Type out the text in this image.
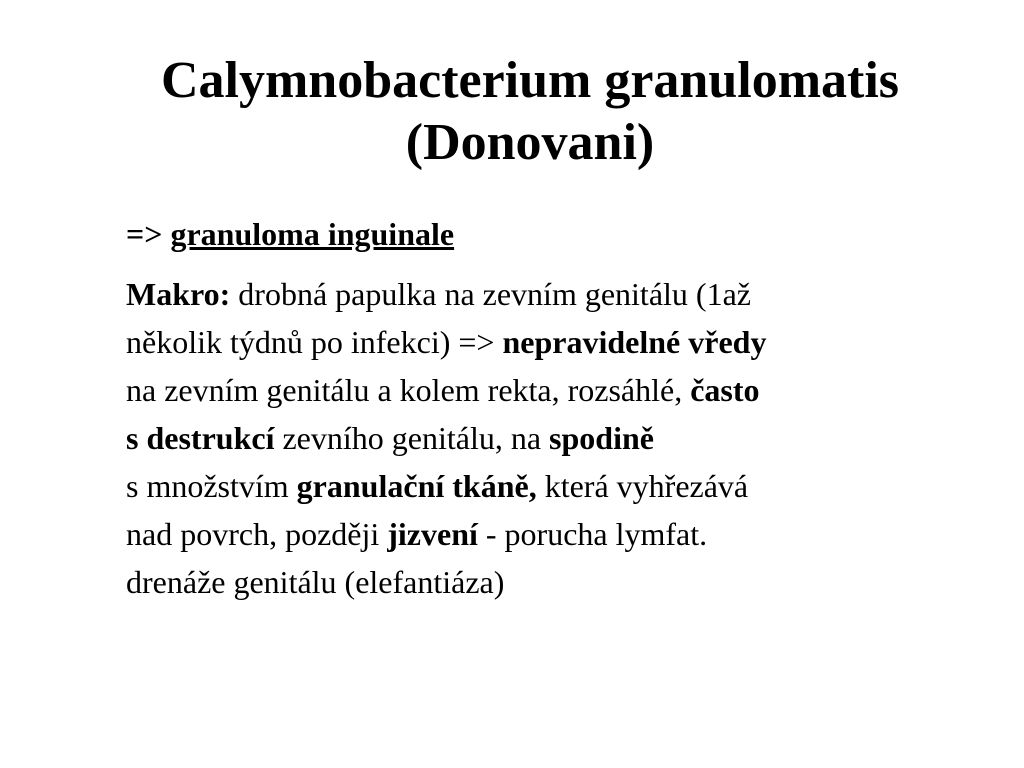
Calymnobacterium granulomatis
(Donovani)
=> granuloma inguinale
Makro: drobná papulka na zevním genitálu (1až
několik týdnů po infekci) => nepravidelné vředy
na zevním genitálu a kolem rekta, rozsáhlé, často
s destrukcí zevního genitálu, na spodině
s množstvím granulační tkáně, která vyhřezává
nad povrch, později jizvení - porucha lymfat.
drenáže genitálu (elefantiáza)
